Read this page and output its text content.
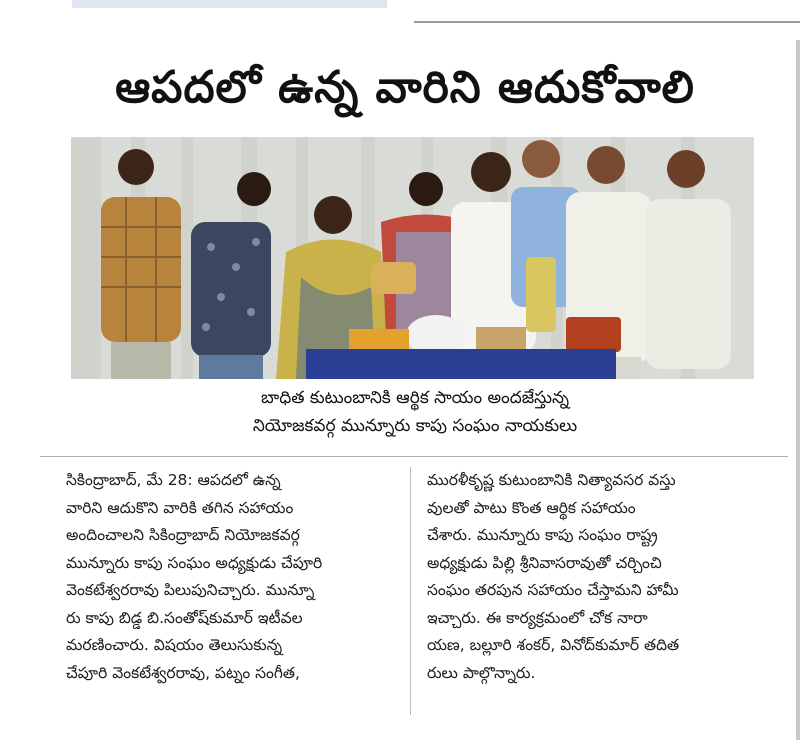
ఆపదలో ఉన్న వారిని ఆదుకోవాలి
బాధిత కుటుంబానికి ఆర్థిక సాయం అందజేస్తున్న
నియోజకవర్గ మున్నూరు కాపు సంఘం నాయకులు
సికింద్రాబాద్, మే 28: ఆపదలో ఉన్న
వారిని ఆదుకొని వారికి తగిన సహాయం
అందించాలని సికింద్రాబాద్ నియోజకవర్గ
మున్నూరు కాపు సంఘం అధ్యక్షుడు చేపూరి
వెంకటేశ్వరరావు పిలుపునిచ్చారు. మున్నూ
రు కాపు బిడ్డ బి.సంతోష్‌కుమార్ ఇటీవల
మరణించారు. విషయం తెలుసుకున్న
చేపూరి వెంకటేశ్వరరావు, పట్నం సంగీత,
మురళీకృష్ణ కుటుంబానికి నిత్యావసర వస్తు
వులతో పాటు కొంత ఆర్థిక సహాయం
చేశారు. మున్నూరు కాపు సంఘం రాష్ట్ర
అధ్యక్షుడు పిల్లి శ్రీనివాసరావుతో చర్చించి
సంఘం తరపున సహాయం చేస్తామని హామీ
ఇచ్చారు. ఈ కార్యక్రమంలో చోక నారా
యణ, బల్లూరి శంకర్, వినోద్‌కుమార్ తదిత
రులు పాల్గొన్నారు.
